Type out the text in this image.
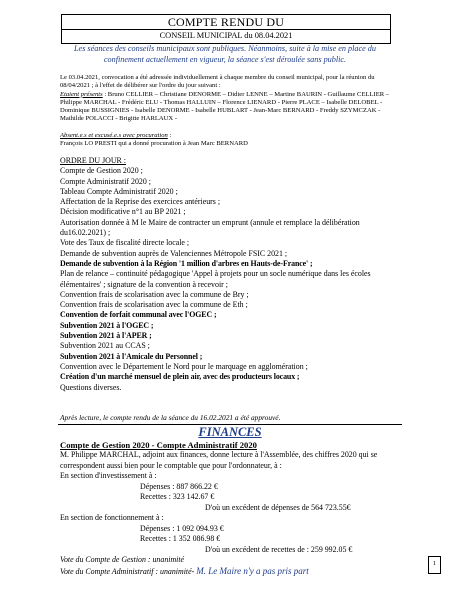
COMPTE RENDU DU
CONSEIL MUNICIPAL du 08.04.2021
Les séances des conseils municipaux sont publiques. Néanmoins, suite à la mise en place du confinement actuellement en vigueur, la séance s'est déroulée sans public.
Le 03.04.2021, convocation a été adressée individuellement à chaque membre du conseil municipal, pour la réunion du 08/04/2021 ; à l'effet de délibérer sur l'ordre du jour suivant :
Etaient présents : Bruno CELLIER – Christiane DENORME – Didier LENNE – Martine BAURIN - Guillaume CELLIER – Philippe MARCHAL - Frédéric ELU - Thomas HALLUIN – Florence LIENARD - Pierre PLACE – Isabelle DELOBEL - Dominique BUSSIGNIES - Isabelle DENORME - Isabelle HUBLART - Jean-Marc BERNARD - Freddy SZYMCZAK - Mathilde POLACCI - Brigitte HARLAUX -
Absent.e.s et excusé.e.s avec procuration :
François LO PRESTI qui a donné procuration à Jean Marc BERNARD
ORDRE DU JOUR :
Compte de Gestion 2020 ;
Compte Administratif 2020 ;
Tableau Compte Administratif 2020 ;
Affectation de la Reprise des exercices antérieurs ;
Décision modificative n°1 au BP 2021 ;
Autorisation donnée à M le Maire de contracter un emprunt (annule et remplace la délibération du16.02.2021) ;
Vote des Taux de fiscalité directe locale ;
Demande de subvention auprès de Valenciennes Métropole FSIC 2021 ;
Demande de subvention à la Région '1 million d'arbres en Hauts-de-France' ;
Plan de relance – continuité pédagogique 'Appel à projets pour un socle numérique dans les écoles élémentaires' ; signature de la convention à recevoir ;
Convention frais de scolarisation avec la commune de Bry ;
Convention frais de scolarisation avec la commune de Eth ;
Convention de forfait communal avec l'OGEC ;
Subvention 2021 à l'OGEC ;
Subvention 2021 à l'APER ;
Subvention 2021 au CCAS ;
Subvention 2021 à l'Amicale du Personnel ;
Convention avec le Département le Nord pour le marquage en agglomération ;
Création d'un marché mensuel de plein air, avec des producteurs locaux ;
Questions diverses.
Après lecture, le compte rendu de la séance du 16.02.2021 a été approuvé.
FINANCES
Compte de Gestion 2020 - Compte Administratif 2020
M. Philippe MARCHAL, adjoint aux finances, donne lecture à l'Assemblée, des chiffres 2020 qui se correspondent aussi bien pour le comptable que pour l'ordonnateur, à :
En section d'investissement à :
Dépenses : 887 866.22 €
Recettes : 323 142.67 €
D'où un excédent de dépenses de 564 723.55€
En section de fonctionnement à :
Dépenses : 1 092 094.93 €
Recettes : 1 352 086.98 €
D'où un excédent de recettes de : 259 992.05 €
Vote du Compte de Gestion : unanimité
Vote du Compte Administratif : unanimité- M. Le Maire n'y a pas pris part
1
